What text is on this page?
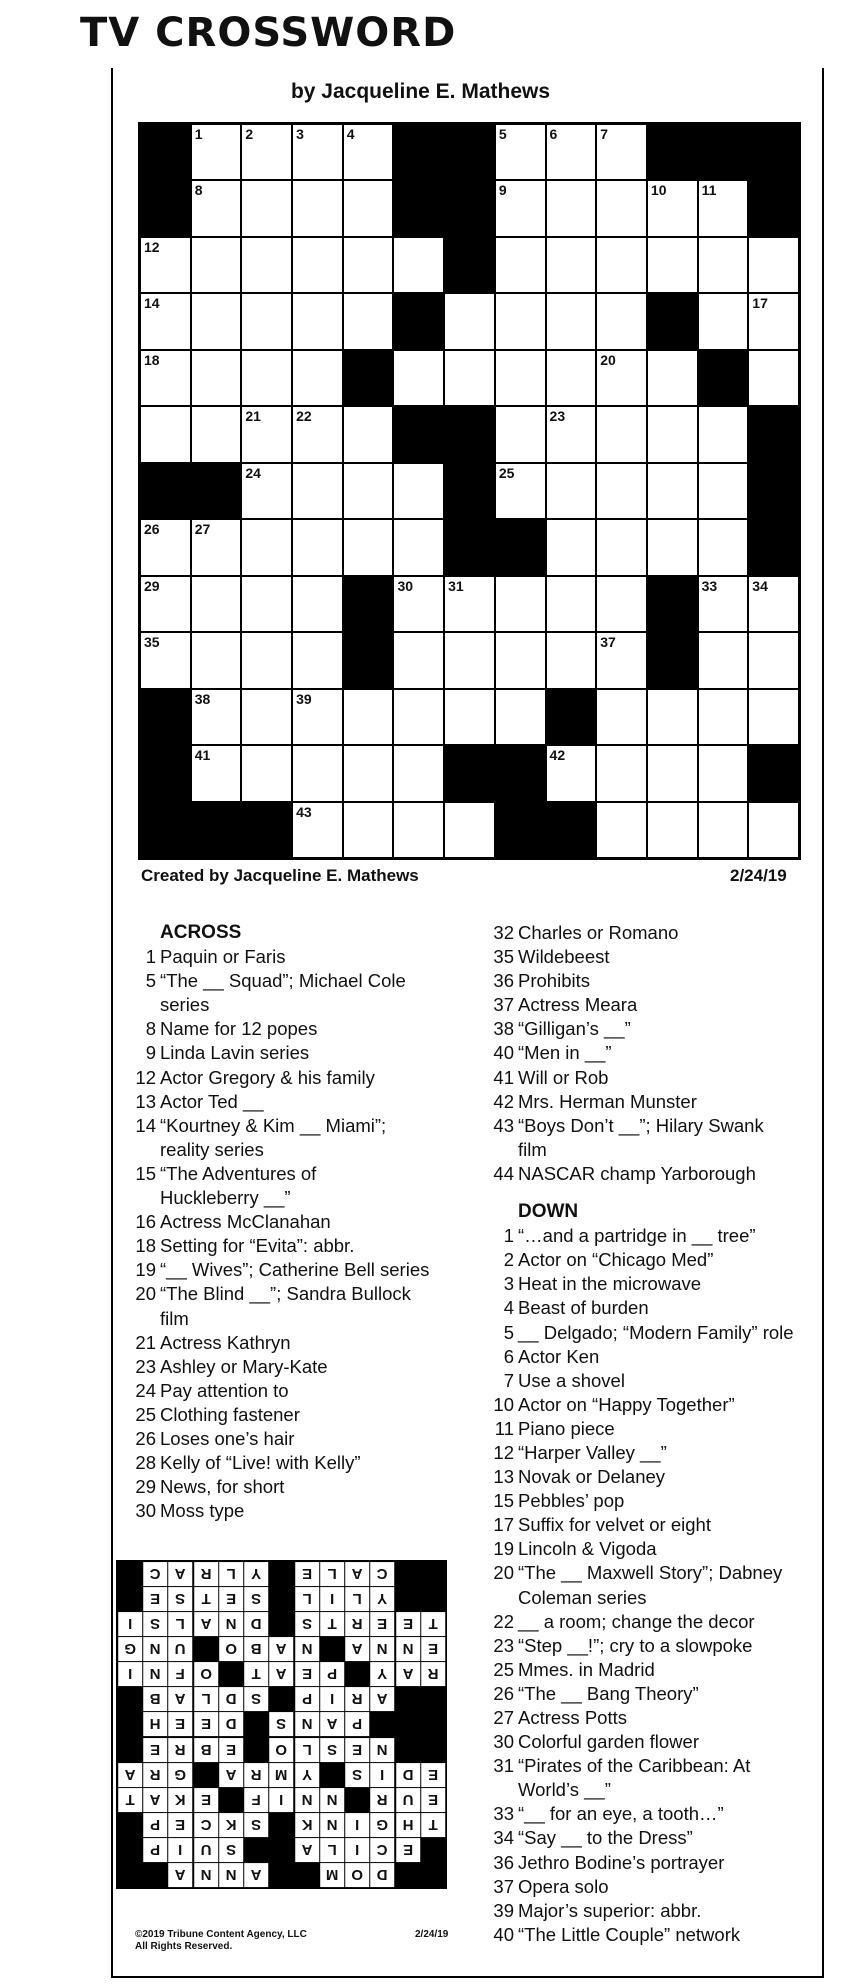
TV CROSSWORD
by Jacqueline E. Mathews
1	2	3	4	5	6	7
8	9	10	11
12
14	17
18	20
21	22	23
24	25
26	27
29	30	31	33	34
35	37
38	39
41	42
43
Created by Jacqueline E. Mathews	2/24/19
ACROSS
1 Paquin or Faris
5 “The __ Squad”; Michael Cole
series
8 Name for 12 popes
9 Linda Lavin series
12 Actor Gregory & his family
13 Actor Ted __
14 “Kourtney & Kim __ Miami”;
reality series
15 “The Adventures of
Huckleberry __”
16 Actress McClanahan
18 Setting for “Evita”: abbr.
19 “__ Wives”; Catherine Bell series
20 “The Blind __”; Sandra Bullock
film
21 Actress Kathryn
23 Ashley or Mary-Kate
24 Pay attention to
25 Clothing fastener
26 Loses one’s hair
28 Kelly of “Live! with Kelly”
29 News, for short
30 Moss type
32 Charles or Romano
35 Wildebeest
36 Prohibits
37 Actress Meara
38 “Gilligan’s __”
40 “Men in __”
41 Will or Rob
42 Mrs. Herman Munster
43 “Boys Don’t __”; Hilary Swank
film
44 NASCAR champ Yarborough
DOWN
1 “…and a partridge in __ tree”
2 Actor on “Chicago Med”
3 Heat in the microwave
4 Beast of burden
5 __ Delgado; “Modern Family” role
6 Actor Ken
7 Use a shovel
10 Actor on “Happy Together”
11 Piano piece
12 “Harper Valley __”
13 Novak or Delaney
15 Pebbles’ pop
17 Suffix for velvet or eight
19 Lincoln & Vigoda
20 “The __ Maxwell Story”; Dabney
Coleman series
22 __ a room; change the decor
23 “Step __!”; cry to a slowpoke
25 Mmes. in Madrid
26 “The __ Bang Theory”
27 Actress Potts
30 Colorful garden flower
31 “Pirates of the Caribbean: At
World’s __”
33 “__ for an eye, a tooth…”
34 “Say __ to the Dress”
36 Jethro Bodine’s portrayer
37 Opera solo
39 Major’s superior: abbr.
40 “The Little Couple” network
C A R	L	Y	E	L	A C
E	S	T	E	S	L	I	L	Y
I	S	L	A N D	S	T	R E	E	T
G N U	O B A N	A N N E
I	N	F O	T	A E	P	Y A R
B A	L	D S	P	I	R A
H E	E D	S N A P
E R B E	O L	S	E N
A R G	A R M Y	S	I	D E
T	A K E	F	I	N N	R U E
P	E C K S	K N	I	G H	T
P	I	U S	A	L	I	C E
A N N A	M O D
©2019 Tribune Content Agency, LLC
All Rights Reserved.
2/24/19
